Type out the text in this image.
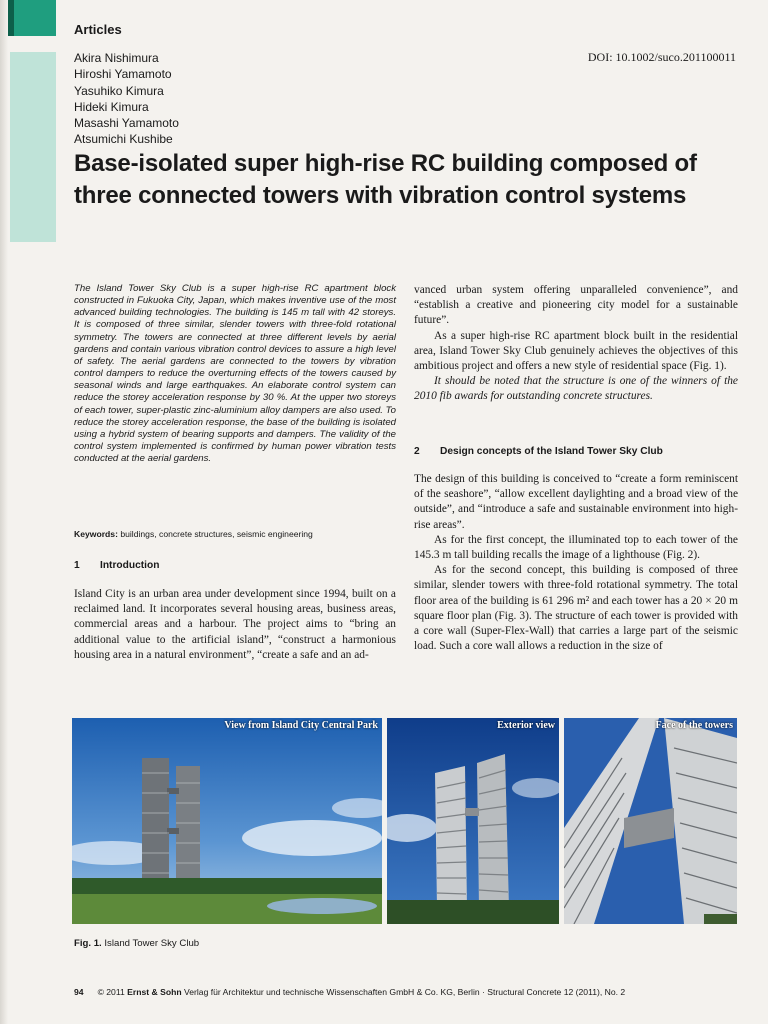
Articles
Akira Nishimura
Hiroshi Yamamoto
Yasuhiko Kimura
Hideki Kimura
Masashi Yamamoto
Atsumichi Kushibe
DOI: 10.1002/suco.201100011
Base-isolated super high-rise RC building composed of three connected towers with vibration control systems
The Island Tower Sky Club is a super high-rise RC apartment block constructed in Fukuoka City, Japan, which makes inventive use of the most advanced building technologies. The building is 145 m tall with 42 storeys. It is composed of three similar, slender towers with three-fold rotational symmetry. The towers are connected at three different levels by aerial gardens and contain various vibration control devices to assure a high level of safety. The aerial gardens are connected to the towers by vibration control dampers to reduce the overturning effects of the towers caused by seasonal winds and large earthquakes. An elaborate control system can reduce the storey acceleration response by 30 %. At the upper two storeys of each tower, super-plastic zinc-aluminium alloy dampers are also used. To reduce the storey acceleration response, the base of the building is isolated using a hybrid system of bearing supports and dampers. The validity of the control system implemented is confirmed by human power vibration tests conducted at the aerial gardens.
Keywords: buildings, concrete structures, seismic engineering
1 Introduction

Island City is an urban area under development since 1994, built on a reclaimed land. It incorporates several housing areas, business areas, commercial areas and a harbour. The project aims to “bring an additional value to the artificial island”, “construct a harmonious housing area in a natural environment”, “create a safe and an ad-

vanced urban system offering unparalleled convenience”, and “establish a creative and pioneering city model for a sustainable future”.

As a super high-rise RC apartment block built in the residential area, Island Tower Sky Club genuinely achieves the objectives of this ambitious project and offers a new style of residential space (Fig. 1).

It should be noted that the structure is one of the winners of the 2010 fib awards for outstanding concrete structures.

2 Design concepts of the Island Tower Sky Club

The design of this building is conceived to “create a form reminiscent of the seashore”, “allow excellent daylighting and a broad view of the outside”, and “introduce a safe and sustainable environment into high-rise areas”.

As for the first concept, the illuminated top to each tower of the 145.3 m tall building recalls the image of a lighthouse (Fig. 2).

As for the second concept, this building is composed of three similar, slender towers with three-fold rotational symmetry. The total floor area of the building is 61 296 m² and each tower has a 20 × 20 m square floor plan (Fig. 3). The structure of each tower is provided with a core wall (Super-Flex-Wall) that carries a large part of the seismic load. Such a core wall allows a reduction in the size of

View from Island City Central Park	Exterior view	Face of the towers
Fig. 1. Island Tower Sky Club
94 © 2011 Ernst & Sohn Verlag für Architektur und technische Wissenschaften GmbH & Co. KG, Berlin · Structural Concrete 12 (2011), No. 2
